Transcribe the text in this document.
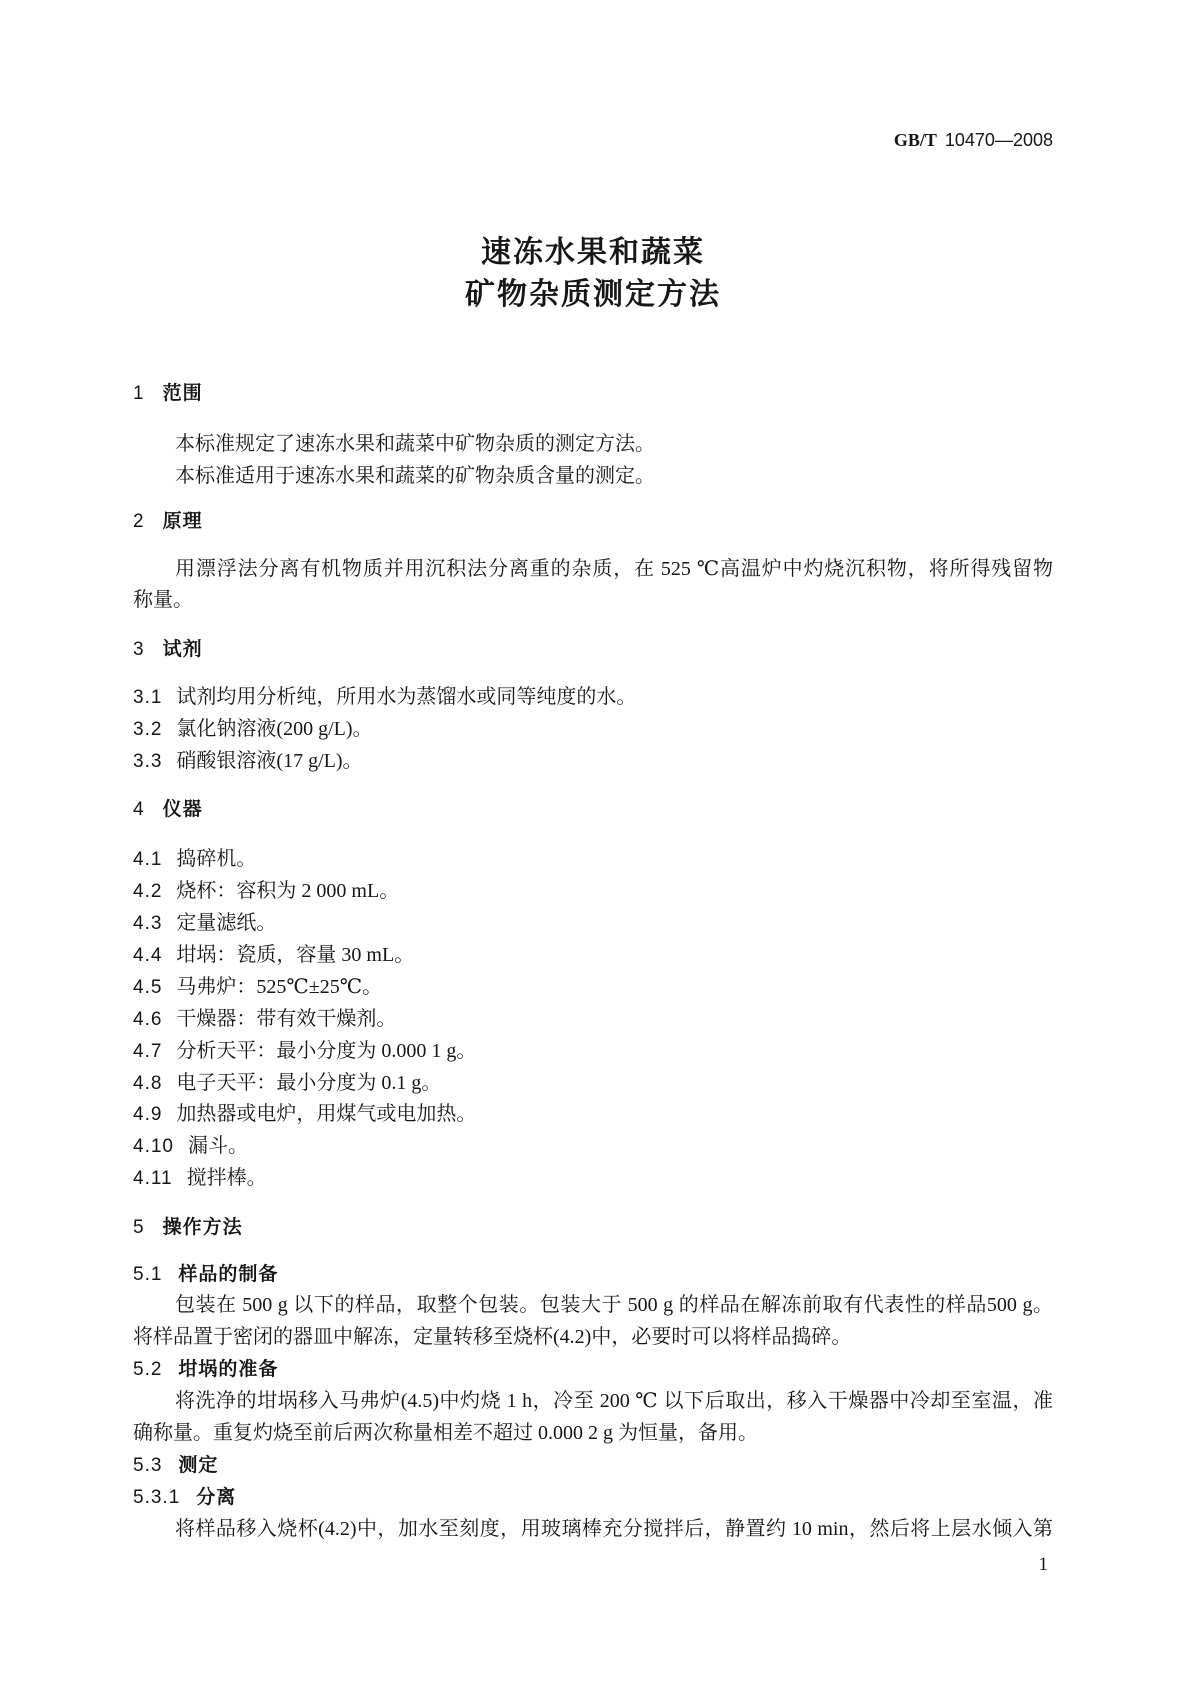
GB/T 10470—2008
速冻水果和蔬菜
矿物杂质测定方法
1 范围
本标准规定了速冻水果和蔬菜中矿物杂质的测定方法。
本标准适用于速冻水果和蔬菜的矿物杂质含量的测定。
2 原理
用漂浮法分离有机物质并用沉积法分离重的杂质，在 525 ℃高温炉中灼烧沉积物，将所得残留物
称量。
3 试剂
3.1 试剂均用分析纯，所用水为蒸馏水或同等纯度的水。
3.2 氯化钠溶液(200 g/L)。
3.3 硝酸银溶液(17 g/L)。
4 仪器
4.1 捣碎机。
4.2 烧杯：容积为 2 000 mL。
4.3 定量滤纸。
4.4 坩埚：瓷质，容量 30 mL。
4.5 马弗炉：525℃±25℃。
4.6 干燥器：带有效干燥剂。
4.7 分析天平：最小分度为 0.000 1 g。
4.8 电子天平：最小分度为 0.1 g。
4.9 加热器或电炉，用煤气或电加热。
4.10 漏斗。
4.11 搅拌棒。
5 操作方法
5.1 样品的制备
包装在 500 g 以下的样品，取整个包装。包装大于 500 g 的样品在解冻前取有代表性的样品500 g。
将样品置于密闭的器皿中解冻，定量转移至烧杯(4.2)中，必要时可以将样品捣碎。
5.2 坩埚的准备
将洗净的坩埚移入马弗炉(4.5)中灼烧 1 h，冷至 200 ℃ 以下后取出，移入干燥器中冷却至室温，准
确称量。重复灼烧至前后两次称量相差不超过 0.000 2 g 为恒量，备用。
5.3 测定
5.3.1 分离
将样品移入烧杯(4.2)中，加水至刻度，用玻璃棒充分搅拌后，静置约 10 min，然后将上层水倾入第
1
